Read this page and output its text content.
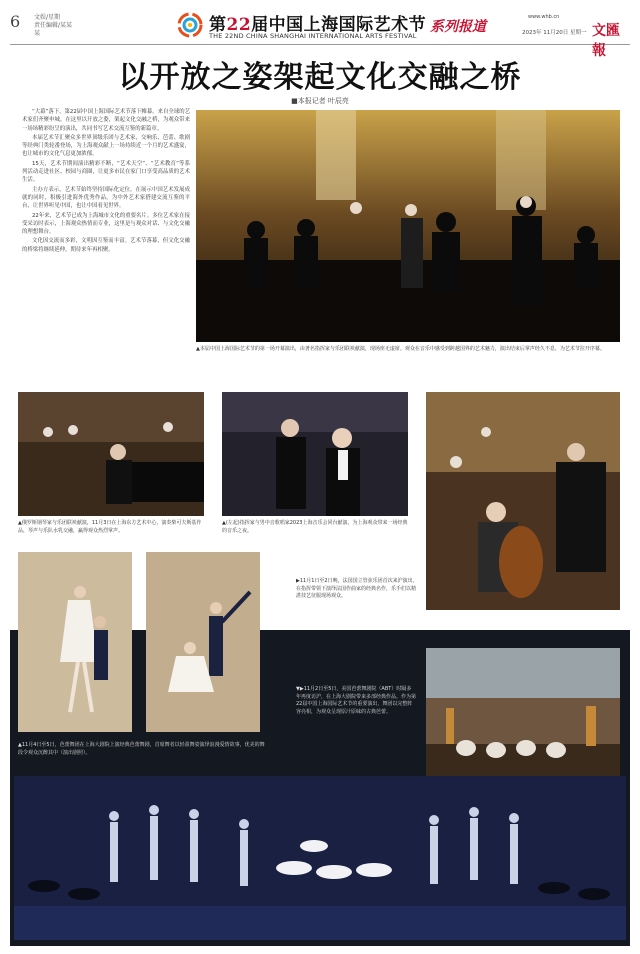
6 文娱/星期
责任编辑/某某某	第22届中国上海国际艺术节
THE 22ND CHINA SHANGHAI INTERNATIONAL ARTS FESTIVAL
系列报道
www.whb.cn
2023年 11月20日 星期一 文匯報
以开放之姿架起文化交融之桥
■本报记者 叶辰亮

“大幕”落下，第22届中国上海国际艺术节落下帷幕。来自全球的艺术家们齐聚申城，在这里以开放之姿，架起文化交融之桥，为观众带来一场场精彩纷呈的演出，共同书写艺术交流互鉴的新篇章。

本届艺术节汇聚众多世界顶级乐团与艺术家，交响乐、芭蕾、歌剧等经典门类轮番登场，为上海观众献上一场持续近一个月的艺术盛宴，也让城市的文化气息更加浓郁。

15天，艺术节期间演出精彩不断，“艺术天空”、“艺术教育”等系列活动走进社区、校园与商圈，让更多市民在家门口享受高品质的艺术生活。

主办方表示，艺术节始终坚持国际化定位，在展示中国艺术发展成就的同时，积极引进海外优秀作品，为中外艺术家搭建交流互鉴的平台，让世界听见中国，也让中国看见世界。

22年来，艺术节已成为上海城市文化的重要名片。多位艺术家在接受采访时表示，上海观众热情而专业，这里是与观众对话、与文化交融的理想舞台。

文化因交流而多彩，文明因互鉴而丰富。艺术节落幕，但文化交融的桥梁将继续延伸，期待来年再相聚。

▲本届中国上海国际艺术节的第一场开幕演出，由著名指挥家与乐团联袂献演，现场座无虚席。观众在音乐中感受到跨越国界的艺术魅力，演出结束后掌声经久不息，为艺术节拉开序幕。
▲俄罗斯钢琴家与乐团联袂献演，11月3日在上海东方艺术中心，演奏柴可夫斯基作品，琴声与乐队水乳交融，赢得观众热烈掌声。
▲(左起)指挥家与男中音歌唱家2023上海音乐会同台献演，为上海观众带来一场经典的音乐之夜。
▶11月1日至2日晚，法国国立管弦乐团首次来沪演出，在指挥带领下演绎法国作曲家的经典名作，乐手们以精湛技艺征服现场观众。
▲11月4日至5日，芭蕾舞团在上海大剧院上演经典芭蕾舞剧，首席舞者以轻盈舞姿演绎浪漫爱情故事，优美的舞段令观众沉醉其中（演出剧照）。
▼▶11月2日至5日，美国芭蕾舞剧院（ABT）时隔多年再度访沪，在上海大剧院带来多部经典作品。作为第22届中国上海国际艺术节的重要演出，舞团以完整阵容亮相，为观众呈现原汁原味的古典芭蕾。
